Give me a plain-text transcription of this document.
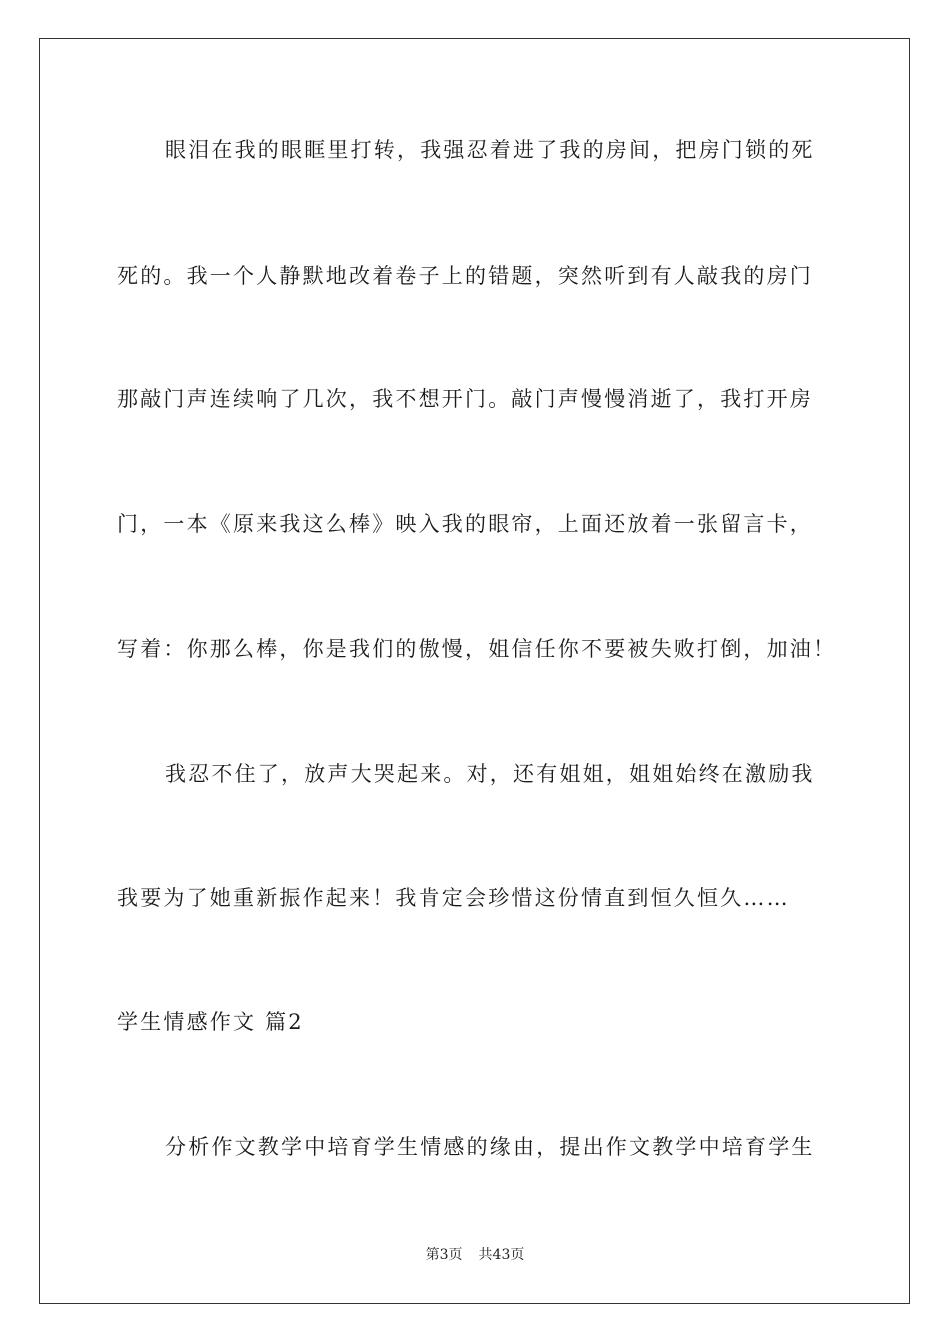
眼泪在我的眼眶里打转，我强忍着进了我的房间，把房门锁的死
死的。我一个人静默地改着卷子上的错题，突然听到有人敲我的房门
那敲门声连续响了几次，我不想开门。敲门声慢慢消逝了，我打开房
门，一本《原来我这么棒》映入我的眼帘，上面还放着一张留言卡，
写着：你那么棒，你是我们的傲慢，姐信任你不要被失败打倒，加油！
我忍不住了，放声大哭起来。对，还有姐姐，姐姐始终在激励我
我要为了她重新振作起来！我肯定会珍惜这份情直到恒久恒久……
学生情感作文 篇2
分析作文教学中培育学生情感的缘由，提出作文教学中培育学生
第3页 共43页
